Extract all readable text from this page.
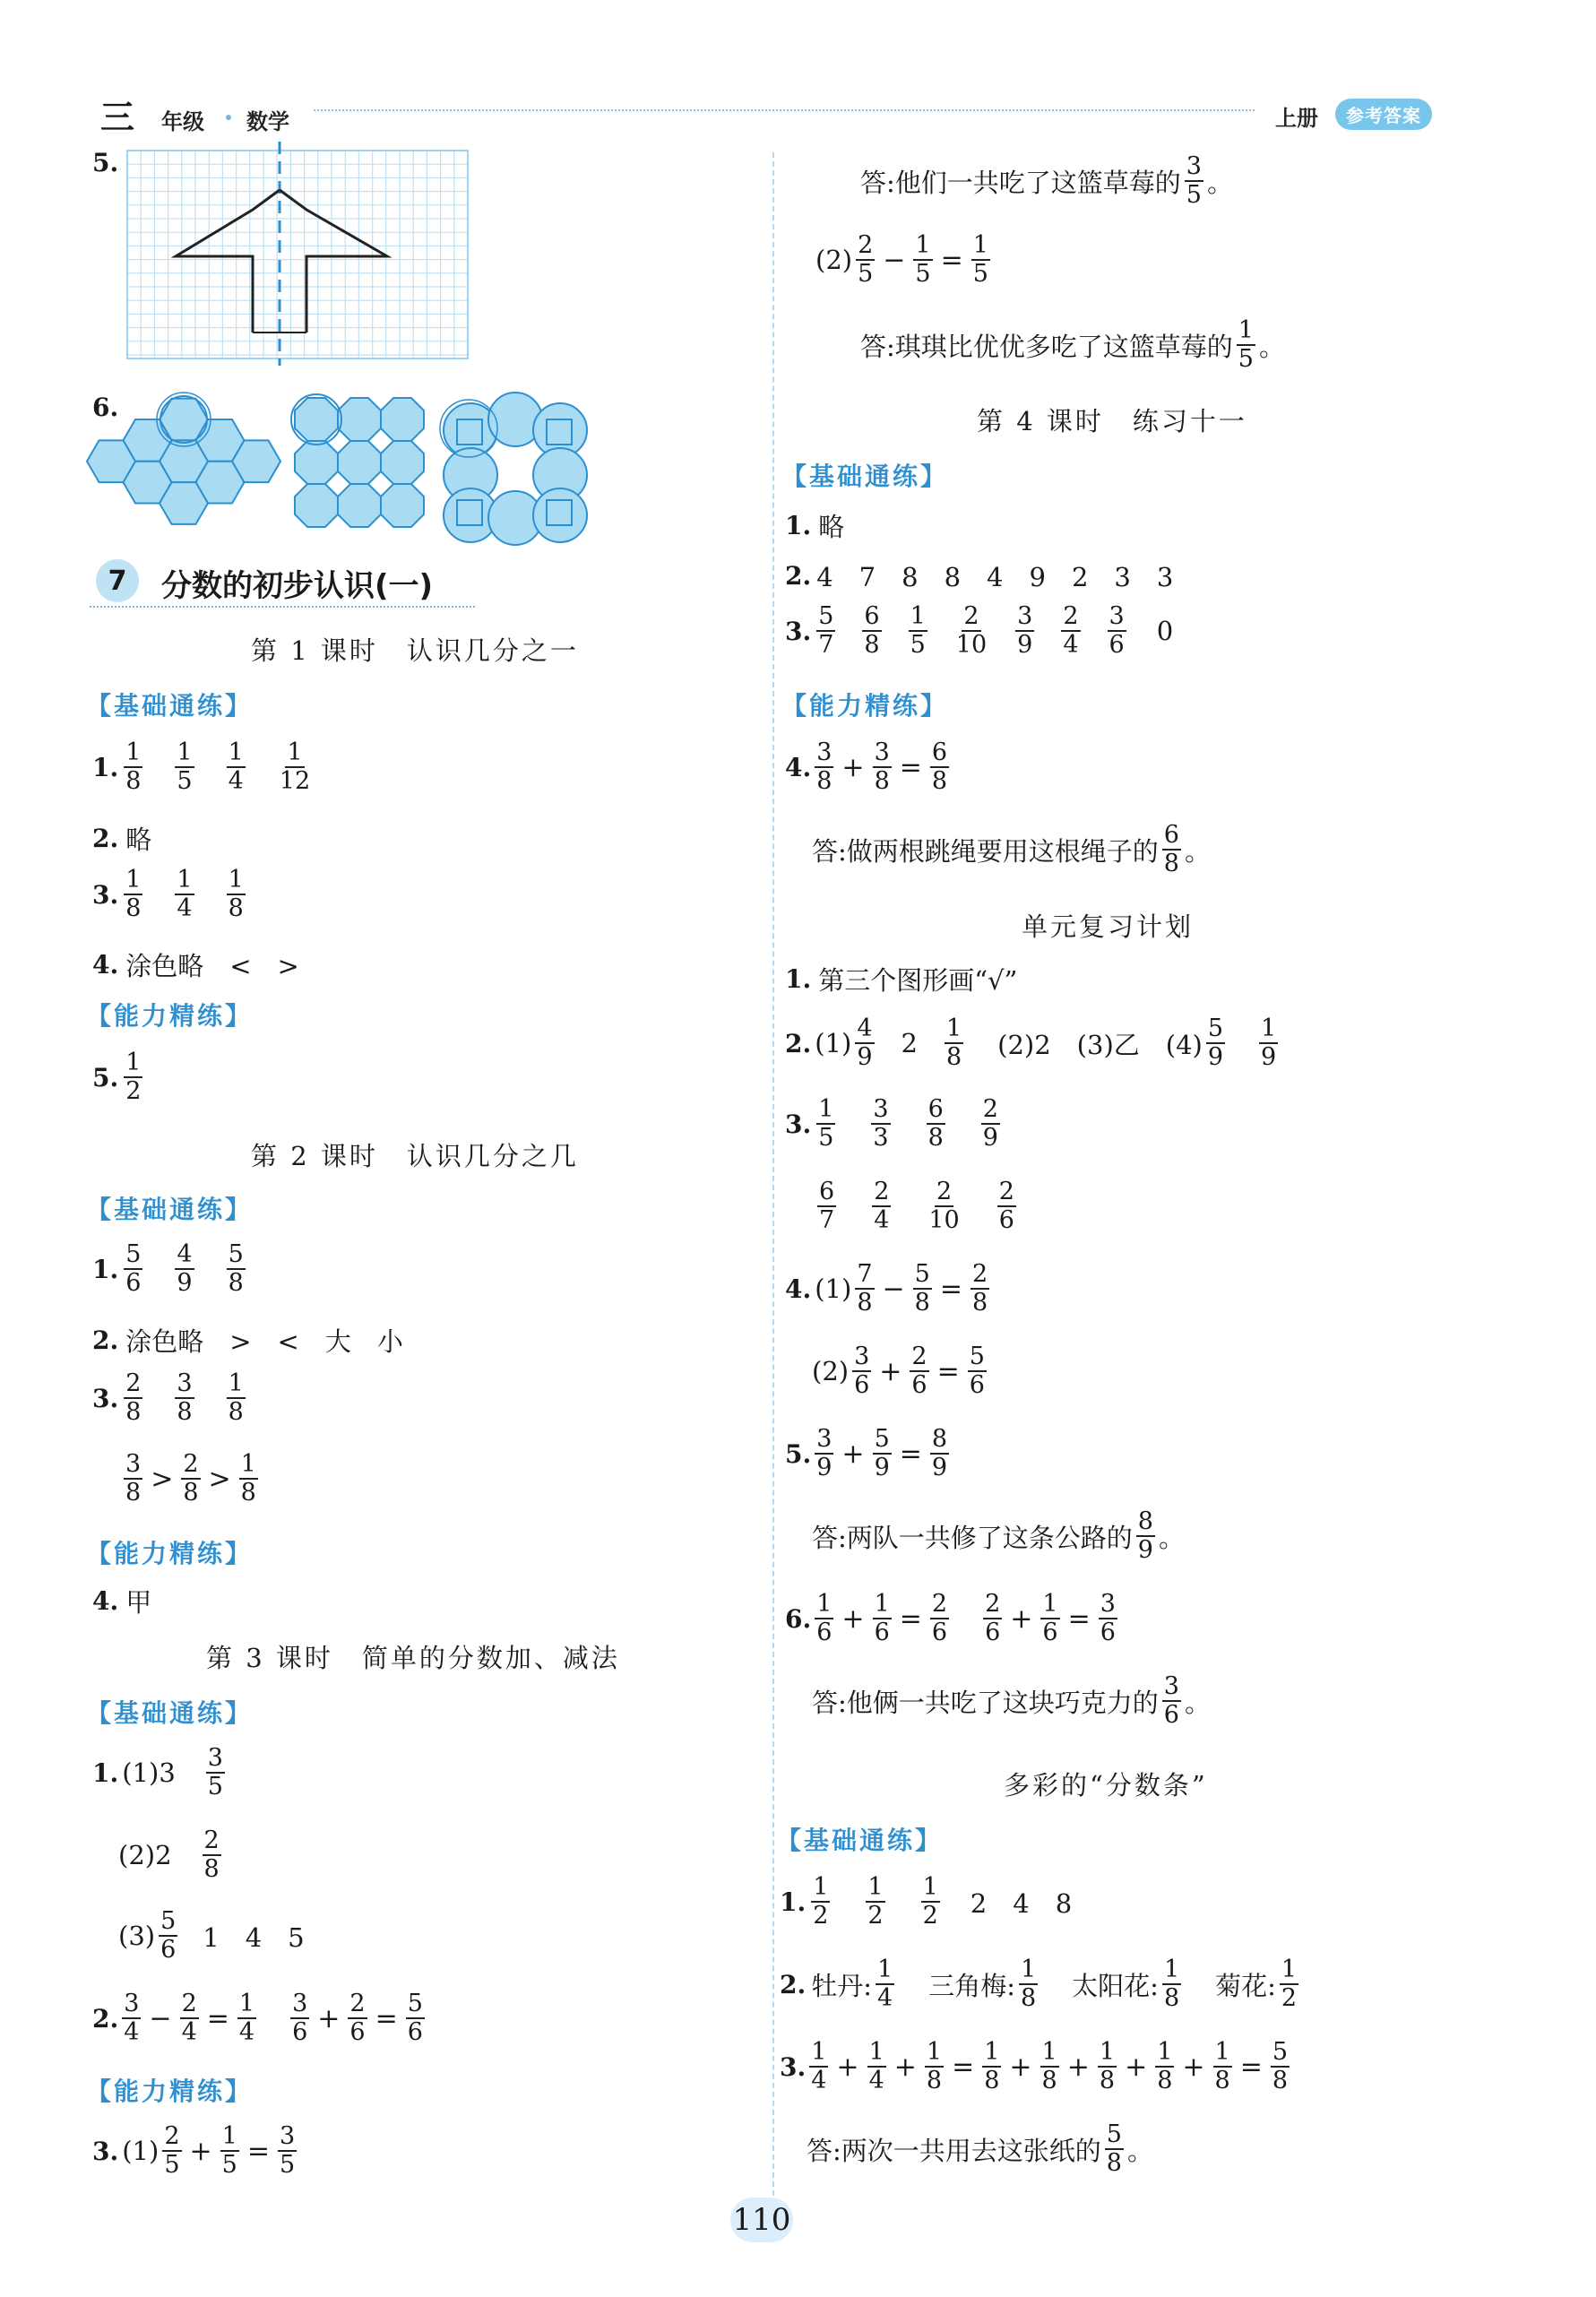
三 年级 数学	上册	参考答案
5.
6.
7	分数的初步认识(一)
第 1 课时　认识几分之一
【基础通练】
1. $\frac{1}{8} \frac{1}{5} \frac{1}{4} \frac{1}{12}$
2. 略
3. $\frac{1}{8} \frac{1}{4} \frac{1}{8}$
4. 涂色略　<　>
【能力精练】
5. $\frac{1}{2}$
第 2 课时　认识几分之几
【基础通练】
1. $\frac{5}{6} \frac{4}{9} \frac{5}{8}$
2. 涂色略　>　<　大　小
3. $\frac{2}{8} \frac{3}{8} \frac{1}{8}$
3
8 > 2
8 > 1
8
【能力精练】
4. 甲
第 3 课时　简单的分数加、减法
【基础通练】
1. (1)3 3
5
(2)2 2
8
(3) 5
6 1　4　5
2. $\frac{3}{4} - \frac{2}{4} = \frac{1}{4} \frac{3}{6} + \frac{2}{6} = \frac{5}{6}$
【能力精练】
3. $(1) \frac{2}{5} + \frac{1}{5} = \frac{3}{5}$
答:他们一共吃了这篮草莓的
3
5 。
$(2) \frac{2}{5} - \frac{1}{5} = \frac{1}{5}$
答:琪琪比优优多吃了这篮草莓的
1
5 。
第 4 课时　练习十一
【基础通练】
1. 略
2. 4　7　8　8　4　9　2　3　3
3. $\frac{5}{7} \frac{6}{8} \frac{1}{5} \frac{2}{10} \frac{3}{9} \frac{2}{4} \frac{3}{6} 0$
【能力精练】
4. $\frac{3}{8} + \frac{3}{8} = \frac{6}{8}$
答:做两根跳绳要用这根绳子的
6
8 。
单元复习计划
1. 第三个图形画“√”
2. (1) 4
9 2 1
8 (2)2　(3)乙　(4)
5
9
1
9
3. $\frac{1}{5} \frac{3}{3} \frac{6}{8} \frac{2}{9}$
$\frac{6}{7} \frac{2}{4} \frac{2}{10} \frac{2}{6}$
4. $(1) \frac{7}{8} - \frac{5}{8} = \frac{2}{8}$
$(2) \frac{3}{6} + \frac{2}{6} = \frac{5}{6}$
5. $\frac{3}{9} + \frac{5}{9} = \frac{8}{9}$
答:两队一共修了这条公路的
8
9 。
6. $\frac{1}{6} + \frac{1}{6} = \frac{2}{6} \frac{2}{6} + \frac{1}{6} = \frac{3}{6}$
答:他俩一共吃了这块巧克力的
3
6 。
多彩的“分数条”
【基础通练】
1. $\frac{1}{2} \frac{1}{2} \frac{1}{2} 2$　4　8
2. 牡丹: $\frac{1}{4}$ 三角梅: $\frac{1}{8}$ 太阳花: $\frac{1}{8}$ 菊花: $\frac{1}{2}$
3. $\frac{1}{4} + \frac{1}{4} + \frac{1}{8} = \frac{1}{8} + \frac{1}{8} + \frac{1}{8} + \frac{1}{8} + \frac{1}{8} = \frac{5}{8}$
答:两次一共用去这张纸的
5
8 。
110
